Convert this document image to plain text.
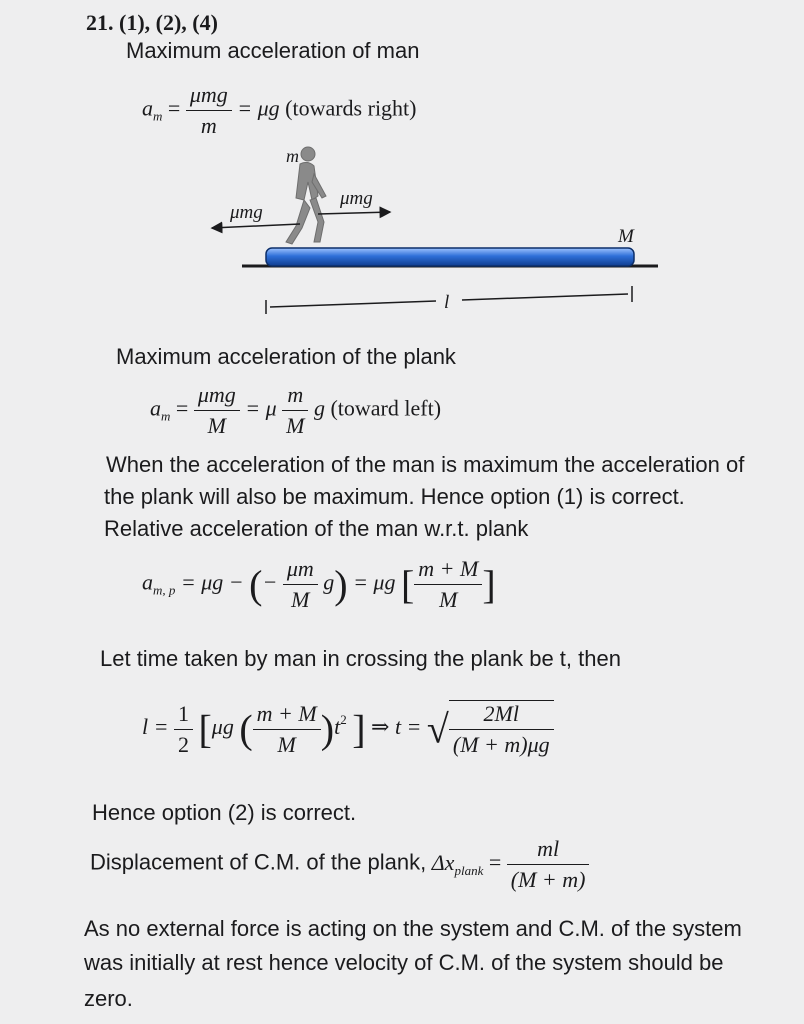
21. (1), (2), (4)
Maximum acceleration of man
$a_m = \frac{\text{μmg}}{m} = \mu g$ (towards right)
m
μmg
μmg
M
l
Maximum acceleration of the plank
$a_m = \frac{\text{μmg}}{M} = \mu \frac{m}{M}$ g (toward left)
When the acceleration of the man is maximum the acceleration of
the plank will also be maximum. Hence option (1) is correct.
Relative acceleration of the man w.r.t. plank
$a_{m, p} = \mu g$ − (− $\frac{\mu m}{M} g) = \mu g$ [ $\frac{m + M}{M}$ ]
Let time taken by man in crossing the plank be t, then
$l = \frac{1}{2} [\mu g$ ( $\frac{m + M}{M} )t^2$ ] ⇒ t = √ $\frac{2Ml}{(M + m)\mu g}$
Hence option (2) is correct.
Displacement of C.M. of the plank, $\Delta x_{plank} = \frac{ml}{(M + m)}$
As no external force is acting on the system and C.M. of the system
was initially at rest hence velocity of C.M. of the system should be
zero.
